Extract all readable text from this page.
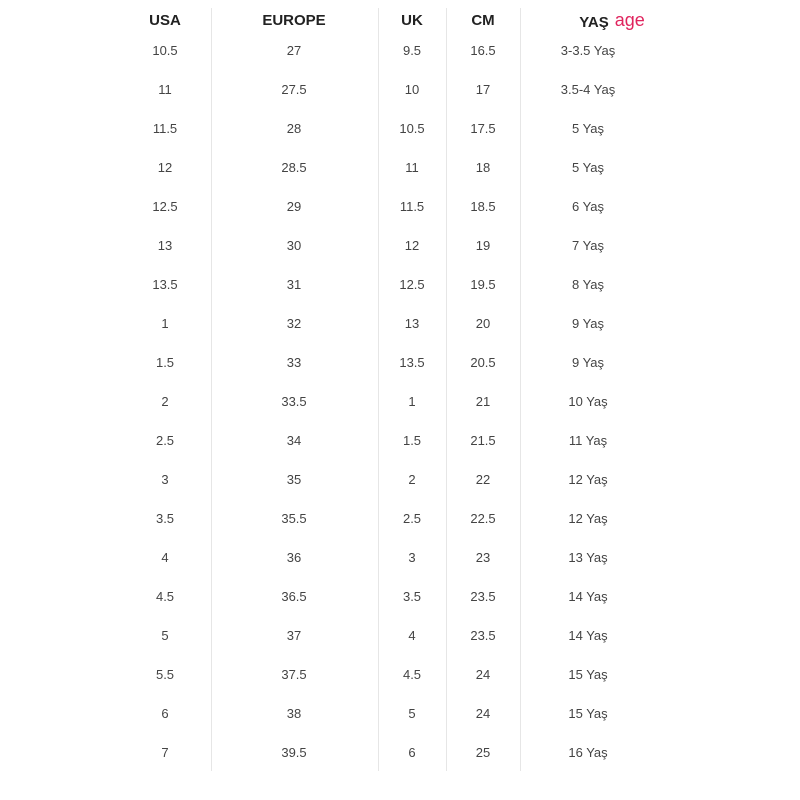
USA	EUROPE	UK	CM	YAŞ age
10.5	27	9.5	16.5	3-3.5 Yaş
11	27.5	10	17	3.5-4 Yaş
11.5	28	10.5	17.5	5 Yaş
12	28.5	11	18	5 Yaş
12.5	29	11.5	18.5	6 Yaş
13	30	12	19	7 Yaş
13.5	31	12.5	19.5	8 Yaş
1	32	13	20	9 Yaş
1.5	33	13.5	20.5	9 Yaş
2	33.5	1	21	10 Yaş
2.5	34	1.5	21.5	11 Yaş
3	35	2	22	12 Yaş
3.5	35.5	2.5	22.5	12 Yaş
4	36	3	23	13 Yaş
4.5	36.5	3.5	23.5	14 Yaş
5	37	4	23.5	14 Yaş
5.5	37.5	4.5	24	15 Yaş
6	38	5	24	15 Yaş
7	39.5	6	25	16 Yaş
